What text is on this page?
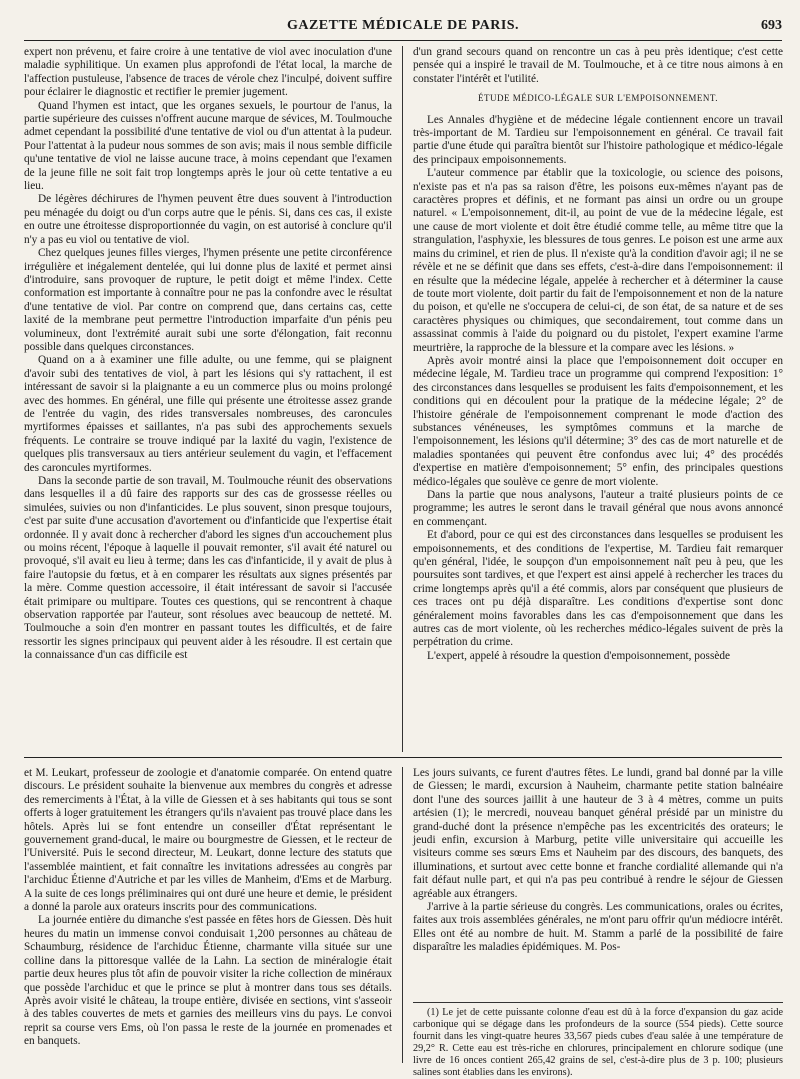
GAZETTE MÉDICALE DE PARIS.	693

expert non prévenu, et faire croire à une tentative de viol avec inoculation d'une maladie syphilitique. Un examen plus approfondi de l'état local, la marche de l'affection pustuleuse, l'absence de traces de vérole chez l'inculpé, doivent suffire pour éclairer le diagnostic et rectifier le premier jugement.

Quand l'hymen est intact, que les organes sexuels, le pourtour de l'anus, la partie supérieure des cuisses n'offrent aucune marque de sévices, M. Toulmouche admet cependant la possibilité d'une tentative de viol ou d'un attentat à la pudeur. Pour l'attentat à la pudeur nous sommes de son avis; mais il nous semble difficile qu'une tentative de viol ne laisse aucune trace, à moins cependant que l'examen de la jeune fille ne soit fait trop longtemps après le jour où cette tentative a eu lieu.

De légères déchirures de l'hymen peuvent être dues souvent à l'introduction peu ménagée du doigt ou d'un corps autre que le pénis. Si, dans ces cas, il existe en outre une étroitesse disproportionnée du vagin, on est autorisé à conclure qu'il n'y a pas eu viol ou tentative de viol.

Chez quelques jeunes filles vierges, l'hymen présente une petite circonférence irrégulière et inégalement dentelée, qui lui donne plus de laxité et permet ainsi d'introduire, sans provoquer de rupture, le petit doigt et même l'index. Cette conformation est importante à connaître pour ne pas la confondre avec le résultat d'une tentative de viol. Par contre on comprend que, dans certains cas, cette laxité de la membrane peut permettre l'introduction imparfaite d'un pénis peu volumineux, dont l'extrémité aurait subi une sorte d'élongation, fait reconnu possible dans quelques circonstances.

Quand on a à examiner une fille adulte, ou une femme, qui se plaignent d'avoir subi des tentatives de viol, à part les lésions qui s'y rattachent, il est intéressant de savoir si la plaignante a eu un commerce plus ou moins prolongé avec des hommes. En général, une fille qui présente une étroitesse assez grande de l'entrée du vagin, des rides transversales nombreuses, des caroncules myrtiformes épaisses et saillantes, n'a pas subi des approchements sexuels fréquents. Le contraire se trouve indiqué par la laxité du vagin, l'existence de quelques plis transversaux au tiers antérieur seulement du vagin, et l'effacement des caroncules myrtiformes.

Dans la seconde partie de son travail, M. Toulmouche réunit des observations dans lesquelles il a dû faire des rapports sur des cas de grossesse réelles ou simulées, suivies ou non d'infanticides. Le plus souvent, sinon presque toujours, c'est par suite d'une accusation d'avortement ou d'infanticide que l'expertise était ordonnée. Il y avait donc à rechercher d'abord les signes d'un accouchement plus ou moins récent, l'époque à laquelle il pouvait remonter, s'il avait été naturel ou provoqué, s'il avait eu lieu à terme; dans les cas d'infanticide, il y avait de plus à faire l'autopsie du fœtus, et à en comparer les résultats aux signes présentés par la mère. Comme question accessoire, il était intéressant de savoir si l'accusée était primipare ou multipare. Toutes ces questions, qui se rencontrent à chaque observation rapportée par l'auteur, sont résolues avec beaucoup de netteté. M. Toulmouche a soin d'en montrer en passant toutes les difficultés, et de faire ressortir les signes principaux qui peuvent aider à les résoudre. Il est certain que la connaissance d'un cas difficile est

d'un grand secours quand on rencontre un cas à peu près identique; c'est cette pensée qui a inspiré le travail de M. Toulmouche, et à ce titre nous aimons à en constater l'intérêt et l'utilité.

ÉTUDE MÉDICO-LÉGALE SUR L'EMPOISONNEMENT.

Les Annales d'hygiène et de médecine légale contiennent encore un travail très-important de M. Tardieu sur l'empoisonnement en général. Ce travail fait partie d'une étude qui paraîtra bientôt sur l'histoire pathologique et médico-légale des principaux empoisonnements.

L'auteur commence par établir que la toxicologie, ou science des poisons, n'existe pas et n'a pas sa raison d'être, les poisons eux-mêmes n'ayant pas de caractères propres et définis, et ne formant pas ainsi un ordre ou un groupe naturel. « L'empoisonnement, dit-il, au point de vue de la médecine légale, est une cause de mort violente et doit être étudié comme telle, au même titre que la strangulation, l'asphyxie, les blessures de tous genres. Le poison est une arme aux mains du criminel, et rien de plus. Il n'existe qu'à la condition d'avoir agi; il ne se révèle et ne se définit que dans ses effets, c'est-à-dire dans l'empoisonnement: il en résulte que la médecine légale, appelée à rechercher et à déterminer la cause de toute mort violente, doit partir du fait de l'empoisonnement et non de la nature du poison, et qu'elle ne s'occupera de celui-ci, de son état, de sa nature et de ses caractères physiques ou chimiques, que secondairement, tout comme dans un assassinat commis à l'aide du poignard ou du pistolet, l'expert examine l'arme meurtrière, la rapproche de la blessure et la compare avec les lésions. »

Après avoir montré ainsi la place que l'empoisonnement doit occuper en médecine légale, M. Tardieu trace un programme qui comprend l'exposition: 1° des circonstances dans lesquelles se produisent les faits d'empoisonnement, et les conditions qui en découlent pour la pratique de la médecine légale; 2° de l'histoire générale de l'empoisonnement comprenant le mode d'action des substances vénéneuses, les symptômes communs et la marche de l'empoisonnement, les lésions qu'il détermine; 3° des cas de mort naturelle et de maladies spontanées qui peuvent être confondus avec lui; 4° des procédés d'expertise en matière d'empoisonnement; 5° enfin, des principales questions médico-légales que soulève ce genre de mort violente.

Dans la partie que nous analysons, l'auteur a traité plusieurs points de ce programme; les autres le seront dans le travail général que nous avons annoncé en commençant.

Et d'abord, pour ce qui est des circonstances dans lesquelles se produisent les empoisonnements, et des conditions de l'expertise, M. Tardieu fait remarquer qu'en général, l'idée, le soupçon d'un empoisonnement naît peu à peu, que les poursuites sont tardives, et que l'expert est ainsi appelé à rechercher les traces du crime longtemps après qu'il a été commis, alors par conséquent que plusieurs de ces traces ont pu déjà disparaître. Les conditions d'expertise sont donc généralement moins favorables dans les cas d'empoisonnement que dans les autres cas de mort violente, où les recherches médico-légales suivent de près la perpétration du crime.

L'expert, appelé à résoudre la question d'empoisonnement, possède

et M. Leukart, professeur de zoologie et d'anatomie comparée. On entend quatre discours. Le président souhaite la bienvenue aux membres du congrès et adresse des remerciments à l'État, à la ville de Giessen et à ses habitants qui tous se sont offerts à loger gratuitement les étrangers qu'ils n'avaient pas trouvé place dans les hôtels. Après lui se font entendre un conseiller d'État représentant le gouvernement grand-ducal, le maire ou bourgmestre de Giessen, et le recteur de l'Université. Puis le second directeur, M. Leukart, donne lecture des statuts que l'assemblée maintient, et fait connaître les invitations adressées au congrès par l'archiduc Étienne d'Autriche et par les villes de Manheim, d'Ems et de Marburg. A la suite de ces longs préliminaires qui ont duré une heure et demie, le président a donné la parole aux orateurs inscrits pour des communications.

La journée entière du dimanche s'est passée en fêtes hors de Giessen. Dès huit heures du matin un immense convoi conduisait 1,200 personnes au château de Schaumburg, résidence de l'archiduc Étienne, charmante villa située sur une colline dans la pittoresque vallée de la Lahn. La section de minéralogie était partie deux heures plus tôt afin de pouvoir visiter la riche collection de minéraux que possède l'archiduc et que le prince se plut à montrer dans tous ses détails. Après avoir visité le château, la troupe entière, divisée en sections, vint s'asseoir à des tables couvertes de mets et garnies des meilleurs vins du pays. Le convoi reprit sa course vers Ems, où l'on passa le reste de la journée en promenades et en banquets.

Les jours suivants, ce furent d'autres fêtes. Le lundi, grand bal donné par la ville de Giessen; le mardi, excursion à Nauheim, charmante petite station balnéaire dont l'une des sources jaillit à une hauteur de 3 à 4 mètres, comme un puits artésien (1); le mercredi, nouveau banquet général présidé par un ministre du grand-duché dont la présence n'empêche pas les excentricités des orateurs; le jeudi enfin, excursion à Marburg, petite ville universitaire qui accueille les visiteurs comme ses sœurs Ems et Nauheim par des discours, des banquets, des illuminations, et surtout avec cette bonne et franche cordialité allemande qui n'a fait défaut nulle part, et qui n'a pas peu contribué à rendre le séjour de Giessen agréable aux étrangers.

J'arrive à la partie sérieuse du congrès. Les communications, orales ou écrites, faites aux trois assemblées générales, ne m'ont paru offrir qu'un médiocre intérêt. Elles ont été au nombre de huit. M. Stamm a parlé de la possibilité de faire disparaître les maladies épidémiques. M. Pos-

(1) Le jet de cette puissante colonne d'eau est dû à la force d'expansion du gaz acide carbonique qui se dégage dans les profondeurs de la source (554 pieds). Cette source fournit dans les vingt-quatre heures 33,567 pieds cubes d'eau salée à une température de 29,2° R. Cette eau est très-riche en chlorures, principalement en chlorure sodique (une livre de 16 onces contient 265,42 grains de sel, c'est-à-dire plus de 3 p. 100; plusieurs salines sont établies dans les environs).
